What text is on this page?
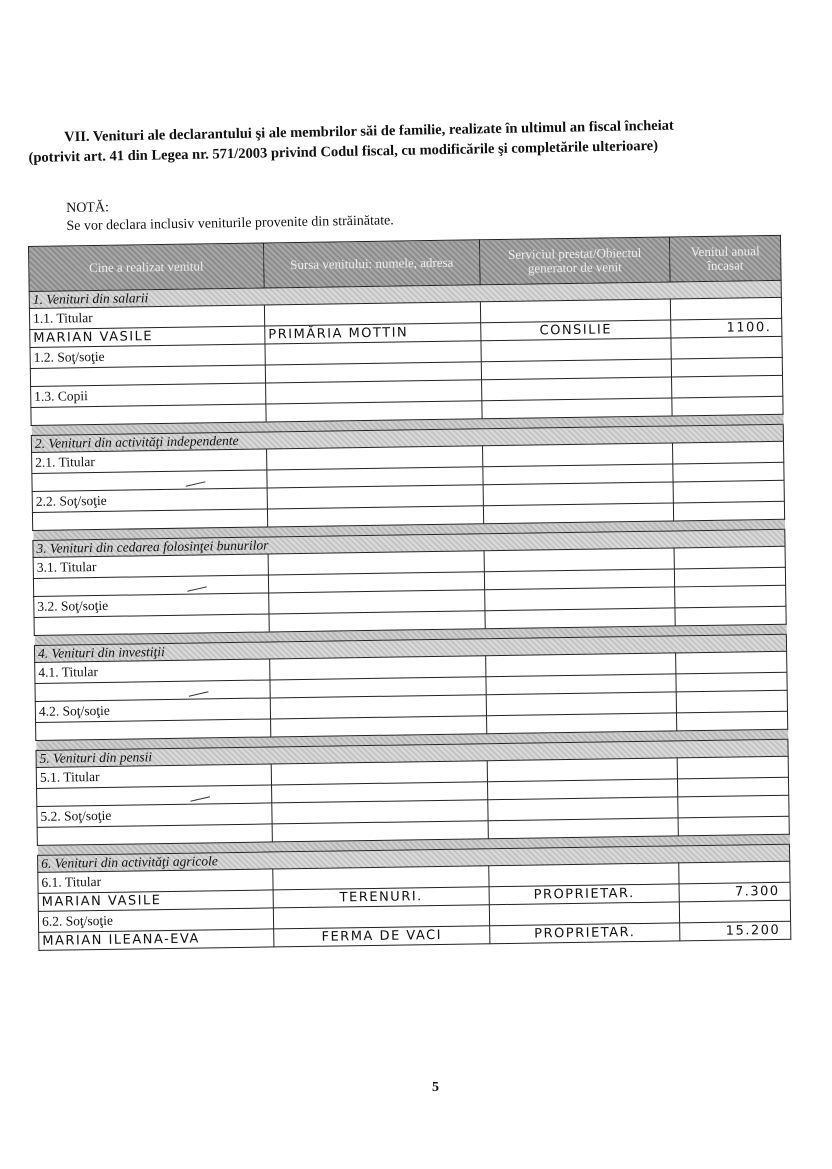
VII. Venituri ale declarantului şi ale membrilor săi de familie, realizate în ultimul an fiscal încheiat
(potrivit art. 41 din Legea nr. 571/2003 privind Codul fiscal, cu modificările şi completările ulterioare)
NOTĂ:
Se vor declara inclusiv veniturile provenite din străinătate.
Cine a realizat venitul	Sursa venitului: numele, adresa	Serviciul prestat/Obiectul generator de venit	Venitul anual încasat
1. Venituri din salarii			
1.1. Titular			
MARIAN VASILE	PRIMĂRIA MOTTIN	CONSILIE	1100.
1.2. Soţ/soţie			

1.3. Copii			

2. Venituri din activităţi independente			
2.1. Titular			

2.2. Soţ/soţie			

3. Venituri din cedarea folosinţei bunurilor			
3.1. Titular			

3.2. Soţ/soţie			

4. Venituri din investiţii			
4.1. Titular			

4.2. Soţ/soţie			

5. Venituri din pensii			
5.1. Titular			

5.2. Soţ/soţie			

6. Venituri din activităţi agricole			
6.1. Titular			
MARIAN VASILE	TERENURI.	PROPRIETAR.	7.300
6.2. Soţ/soţie			
MARIAN ILEANA-EVA	FERMA DE VACI	PROPRIETAR.	15.200
5
